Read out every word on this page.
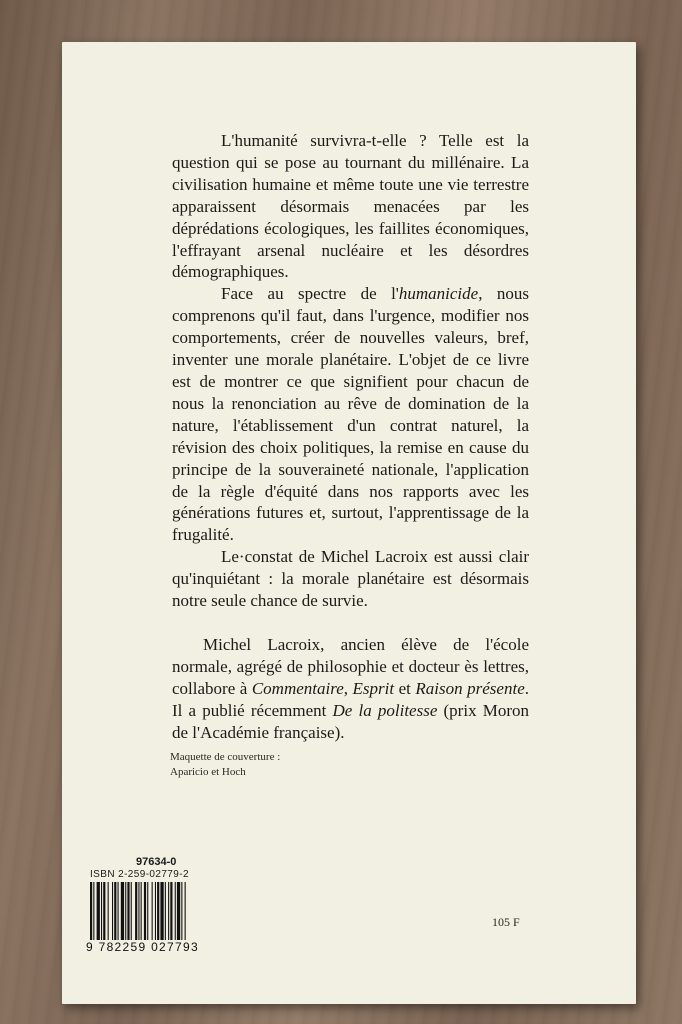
L'humanité survivra-t-elle ? Telle est la question qui se pose au tournant du millénaire. La civilisation humaine et même toute une vie terrestre apparaissent désormais menacées par les déprédations écologiques, les faillites économiques, l'effrayant arsenal nucléaire et les désordres démographiques.

Face au spectre de l'humanicide, nous comprenons qu'il faut, dans l'urgence, modifier nos comportements, créer de nouvelles valeurs, bref, inventer une morale planétaire. L'objet de ce livre est de montrer ce que signifient pour chacun de nous la renonciation au rêve de domination de la nature, l'établissement d'un contrat naturel, la révision des choix politiques, la remise en cause du principe de la souveraineté nationale, l'application de la règle d'équité dans nos rapports avec les générations futures et, surtout, l'apprentissage de la frugalité.

Le·constat de Michel Lacroix est aussi clair qu'inquiétant : la morale planétaire est désormais notre seule chance de survie.

Michel Lacroix, ancien élève de l'école normale, agrégé de philosophie et docteur ès lettres, collabore à Commentaire, Esprit et Raison présente. Il a publié récemment De la politesse (prix Moron de l'Académie française).

Maquette de couverture :
Aparicio et Hoch
97634-0
ISBN 2-259-02779-2
9 782259 027793
105 F
